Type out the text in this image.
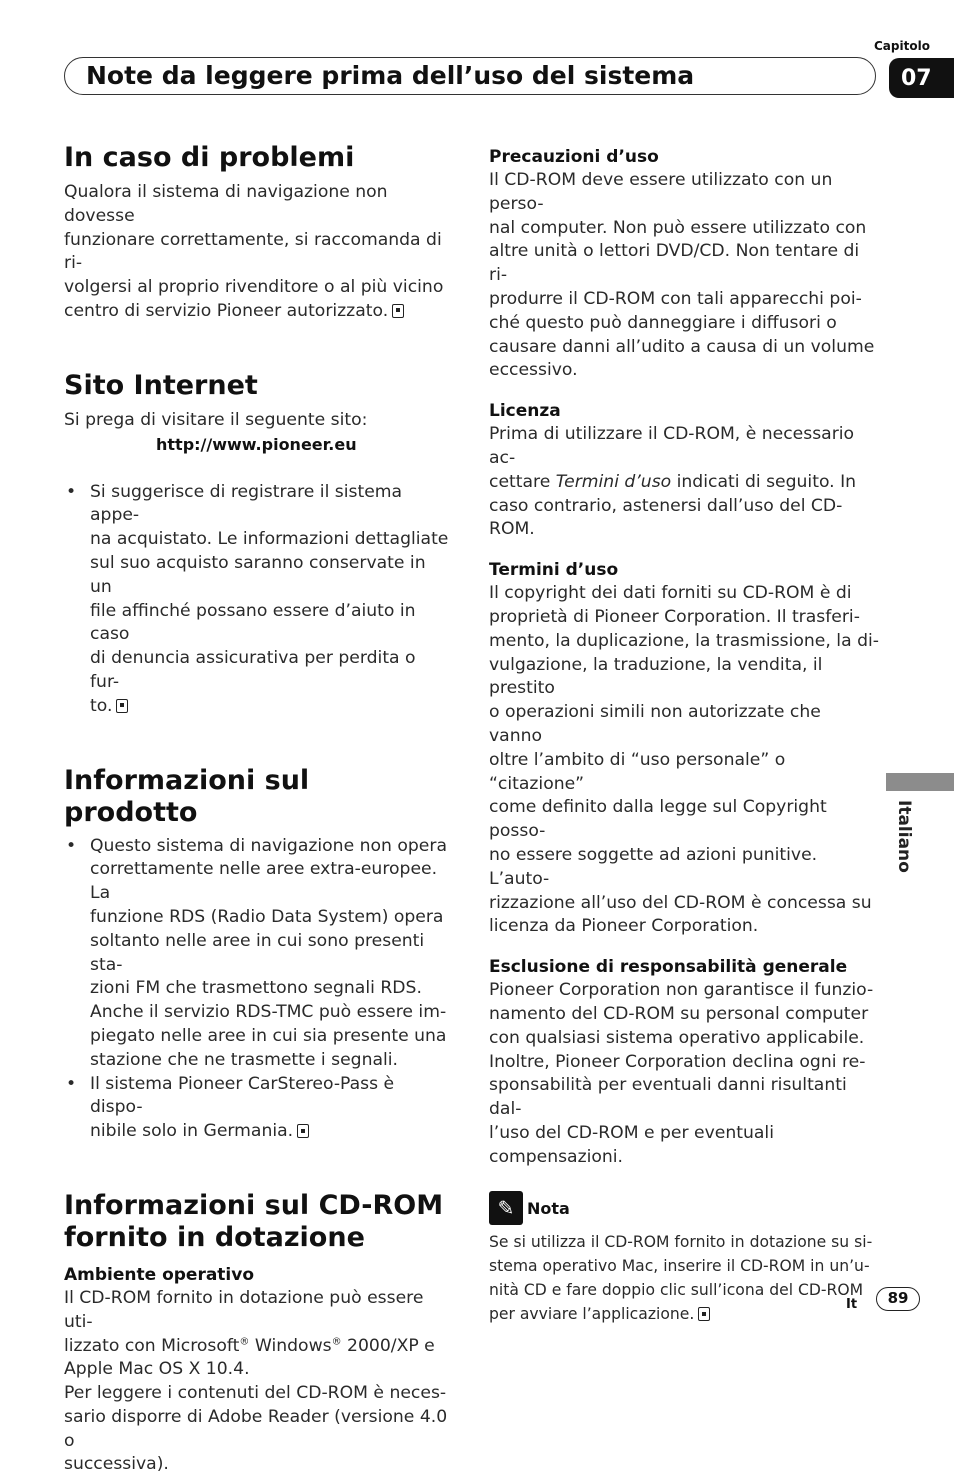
Capitolo
07
Note da leggere prima dell’uso del sistema
In caso di problemi
Qualora il sistema di navigazione non dovesse
funzionare correttamente, si raccomanda di ri-
volgersi al proprio rivenditore o al più vicino
centro di servizio Pioneer autorizzato.
Sito Internet
Si prega di visitare il seguente sito:
http://www.pioneer.eu
• Si suggerisce di registrare il sistema appe-
na acquistato. Le informazioni dettagliate
sul suo acquisto saranno conservate in un
file affinché possano essere d’aiuto in caso
di denuncia assicurativa per perdita o fur-
to.
Informazioni sul prodotto
• Questo sistema di navigazione non opera
correttamente nelle aree extra-europee. La
funzione RDS (Radio Data System) opera
soltanto nelle aree in cui sono presenti sta-
zioni FM che trasmettono segnali RDS.
Anche il servizio RDS-TMC può essere im-
piegato nelle aree in cui sia presente una
stazione che ne trasmette i segnali.
• Il sistema Pioneer CarStereo-Pass è dispo-
nibile solo in Germania.
Informazioni sul CD-ROM
fornito in dotazione
Ambiente operativo
Il CD-ROM fornito in dotazione può essere uti-
lizzato con Microsoft® Windows® 2000/XP e
Apple Mac OS X 10.4.
Per leggere i contenuti del CD-ROM è neces-
sario disporre di Adobe Reader (versione 4.0 o
successiva).
Precauzioni d’uso
Il CD-ROM deve essere utilizzato con un perso-
nal computer. Non può essere utilizzato con
altre unità o lettori DVD/CD. Non tentare di ri-
produrre il CD-ROM con tali apparecchi poi-
ché questo può danneggiare i diffusori o
causare danni all’udito a causa di un volume
eccessivo.
Licenza
Prima di utilizzare il CD-ROM, è necessario ac-
cettare Termini d’uso indicati di seguito. In
caso contrario, astenersi dall’uso del CD-
ROM.
Termini d’uso
Il copyright dei dati forniti su CD-ROM è di
proprietà di Pioneer Corporation. Il trasferi-
mento, la duplicazione, la trasmissione, la di-
vulgazione, la traduzione, la vendita, il prestito
o operazioni simili non autorizzate che vanno
oltre l’ambito di “uso personale” o “citazione”
come definito dalla legge sul Copyright posso-
no essere soggette ad azioni punitive. L’auto-
rizzazione all’uso del CD-ROM è concessa su
licenza da Pioneer Corporation.
Esclusione di responsabilità generale
Pioneer Corporation non garantisce il funzio-
namento del CD-ROM su personal computer
con qualsiasi sistema operativo applicabile.
Inoltre, Pioneer Corporation declina ogni re-
sponsabilità per eventuali danni risultanti dal-
l’uso del CD-ROM e per eventuali
compensazioni.
✎ Nota
Se si utilizza il CD-ROM fornito in dotazione su si-
stema operativo Mac, inserire il CD-ROM in un’u-
nità CD e fare doppio clic sull’icona del CD-ROM
per avviare l’applicazione.
Italiano
It	89
